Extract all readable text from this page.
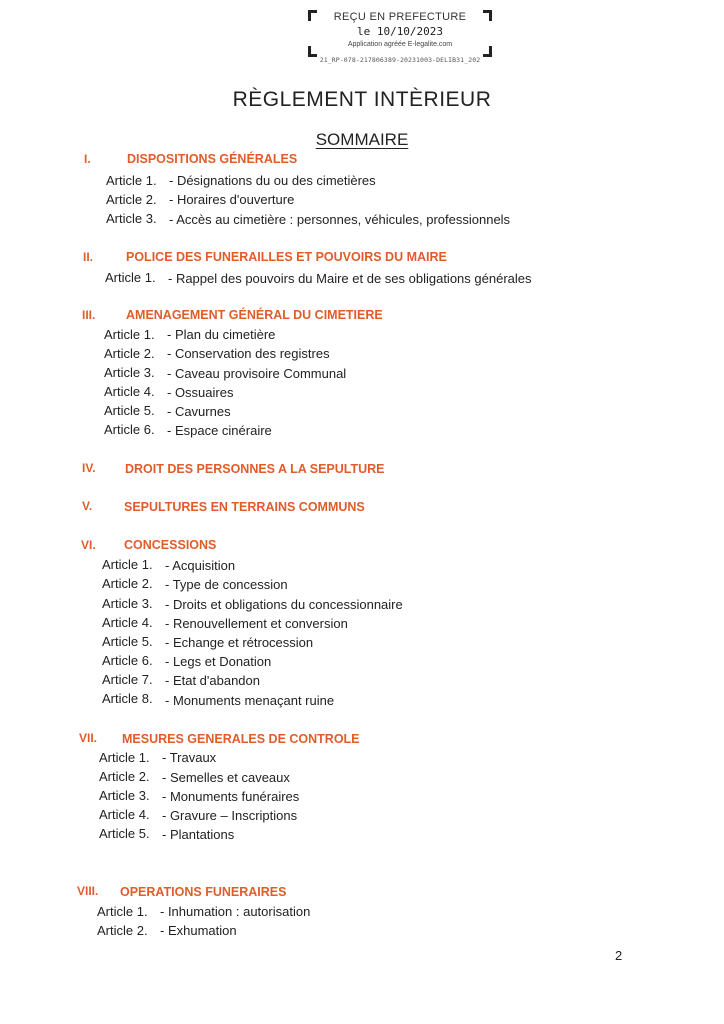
REÇU EN PREFECTURE
le 10/10/2023
Application agréée E-legalite.com
21_RP-078-217806389-20231003-DELIB31_202
RÈGLEMENT INTÈRIEUR
SOMMAIRE
I.	DISPOSITIONS GÉNÉRALES
Article 1. - Désignations du ou des cimetières
Article 2. - Horaires d'ouverture
Article 3. - Accès au cimetière : personnes, véhicules, professionnels
II.	POLICE DES FUNERAILLES ET POUVOIRS DU MAIRE
Article 1. - Rappel des pouvoirs du Maire et de ses obligations générales
III. AMENAGEMENT GÉNÉRAL DU CIMETIERE
Article 1. - Plan du cimetière
Article 2. - Conservation des registres
Article 3. - Caveau provisoire Communal
Article 4. - Ossuaires
Article 5. - Cavurnes
Article 6. - Espace cinéraire
IV. DROIT DES PERSONNES A LA SEPULTURE
V.	SEPULTURES EN TERRAINS COMMUNS
VI. CONCESSIONS
Article 1. - Acquisition
Article 2. - Type de concession
Article 3. - Droits et obligations du concessionnaire
Article 4. - Renouvellement et conversion
Article 5. - Echange et rétrocession
Article 6. - Legs et Donation
Article 7. - Etat d'abandon
Article 8. - Monuments menaçant ruine
VII. MESURES GENERALES DE CONTROLE
Article 1. - Travaux
Article 2. - Semelles et caveaux
Article 3. - Monuments funéraires
Article 4. - Gravure – Inscriptions
Article 5. - Plantations
VIII. OPERATIONS FUNERAIRES
Article 1. - Inhumation : autorisation
Article 2. - Exhumation
2
